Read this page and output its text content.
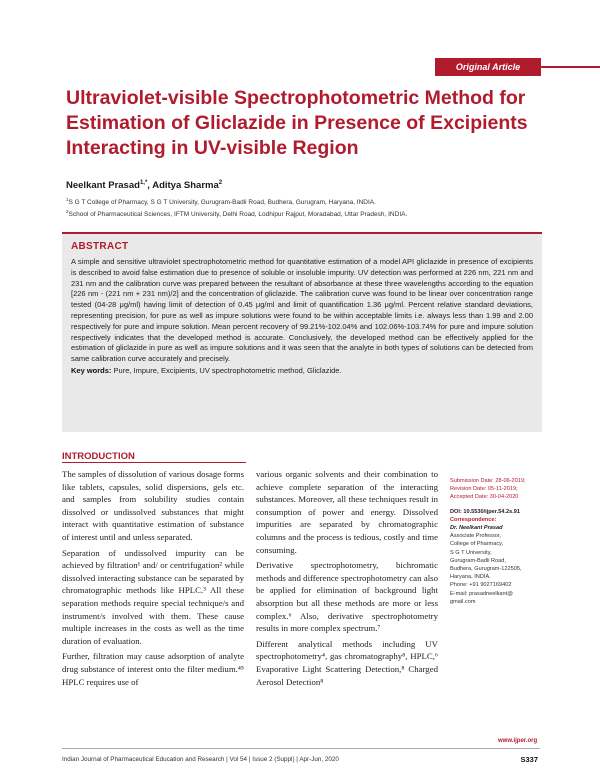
Original Article
Ultraviolet-visible Spectrophotometric Method for Estimation of Gliclazide in Presence of Excipients Interacting in UV-visible Region
Neelkant Prasad$^{1,*}$, Aditya Sharma$^2$
$^1$S G T College of Pharmacy, S G T University, Gurugram-Badli Road, Budhera, Gurugram, Haryana, INDIA.
$^2$School of Pharmaceutical Sciences, IFTM University, Delhi Road, Lodhipur Rajput, Moradabad, Uttar Pradesh, INDIA.
ABSTRACT

A simple and sensitive ultraviolet spectrophotometric method for quantitative estimation of a model API gliclazide in presence of excipients is described to avoid false estimation due to presence of soluble or insoluble impurity. UV detection was performed at 226 nm, 221 nm and 231 nm and the calibration curve was prepared between the resultant of absorbance at these three wavelengths according to the equation [226 nm - (221 nm + 231 nm)/2] and the concentration of gliclazide. The calibration curve was found to be linear over concentration range tested (04-28 μg/ml) having limit of detection of 0.45 μg/ml and limit of quantification 1.36 μg/ml. Percent relative standard deviations, representing precision, for pure as well as impure solutions were found to be within acceptable limits i.e. always less than 1.99 and 2.00 respectively for pure and impure solution. Mean percent recovery of 99.21%-102.04% and 102.06%-103.74% for pure and impure solution respectively indicates that the developed method is accurate. Conclusively, the developed method can be effectively applied for the estimation of gliclazide in pure as well as impure solutions and it was seen that the analyte in both types of solutions can be detected from same calibration curve accurately and precisely.

Key words: Pure, Impure, Excipients, UV spectrophotometric method, Gliclazide.

INTRODUCTION

The samples of dissolution of various dosage forms like tablets, capsules, solid dispersions, gels etc. and samples from solubility studies contain dissolved or undissolved substances that might interact with quantitative estimation of substance of interest until and unless separated.

Separation of undissolved impurity can be achieved by filtration¹ and/ or centrifugation² while dissolved interacting substance can be separated by chromatographic methods like HPLC.³ All these separation methods require special technique/s and instrument/s involved with them. These cause multiple increases in the costs as well as the time duration of evaluation.

Further, filtration may cause adsorption of analyte drug substance of interest onto the filter medium.⁴⁵ HPLC requires use of

various organic solvents and their combination to achieve complete separation of the interacting substances. Moreover, all these techniques result in consumption of power and energy. Dissolved impurities are separated by chromatographic columns and the process is tedious, costly and time consuming.

Derivative spectrophotometry, bichromatic methods and difference spectrophotometry can also be applied for elimination of background light absorption but all these methods are more or less complex.⁶ Also, derivative spectrophotometry results in more complex spectrum.⁷

Different analytical methods including UV spectrophotometry⁴, gas chromatography⁸, HPLC,⁶ Evaporative Light Scattering Detection,⁸ Charged Aerosol Detection⁸

Submission Date: 28-06-2019;
Revision Date: 05-11-2019;
Accepted Date: 30-04-2020
DOI: 10.5530/ijper.54.2s.91
Correspondence:
Dr. Neelkant Prasad
Associate Professor,
College of Pharmacy,
S G T University,
Gurugram-Badli Road,
Budhera, Gurugram-122505,
Haryana, INDIA.
Phone: +91 9027169402
E-mail: prasadneelkant@
gmail.com
www.ijper.org
Indian Journal of Pharmaceutical Education and Research | Vol 54 | Issue 2 (Suppl) | Apr-Jun, 2020	S337
